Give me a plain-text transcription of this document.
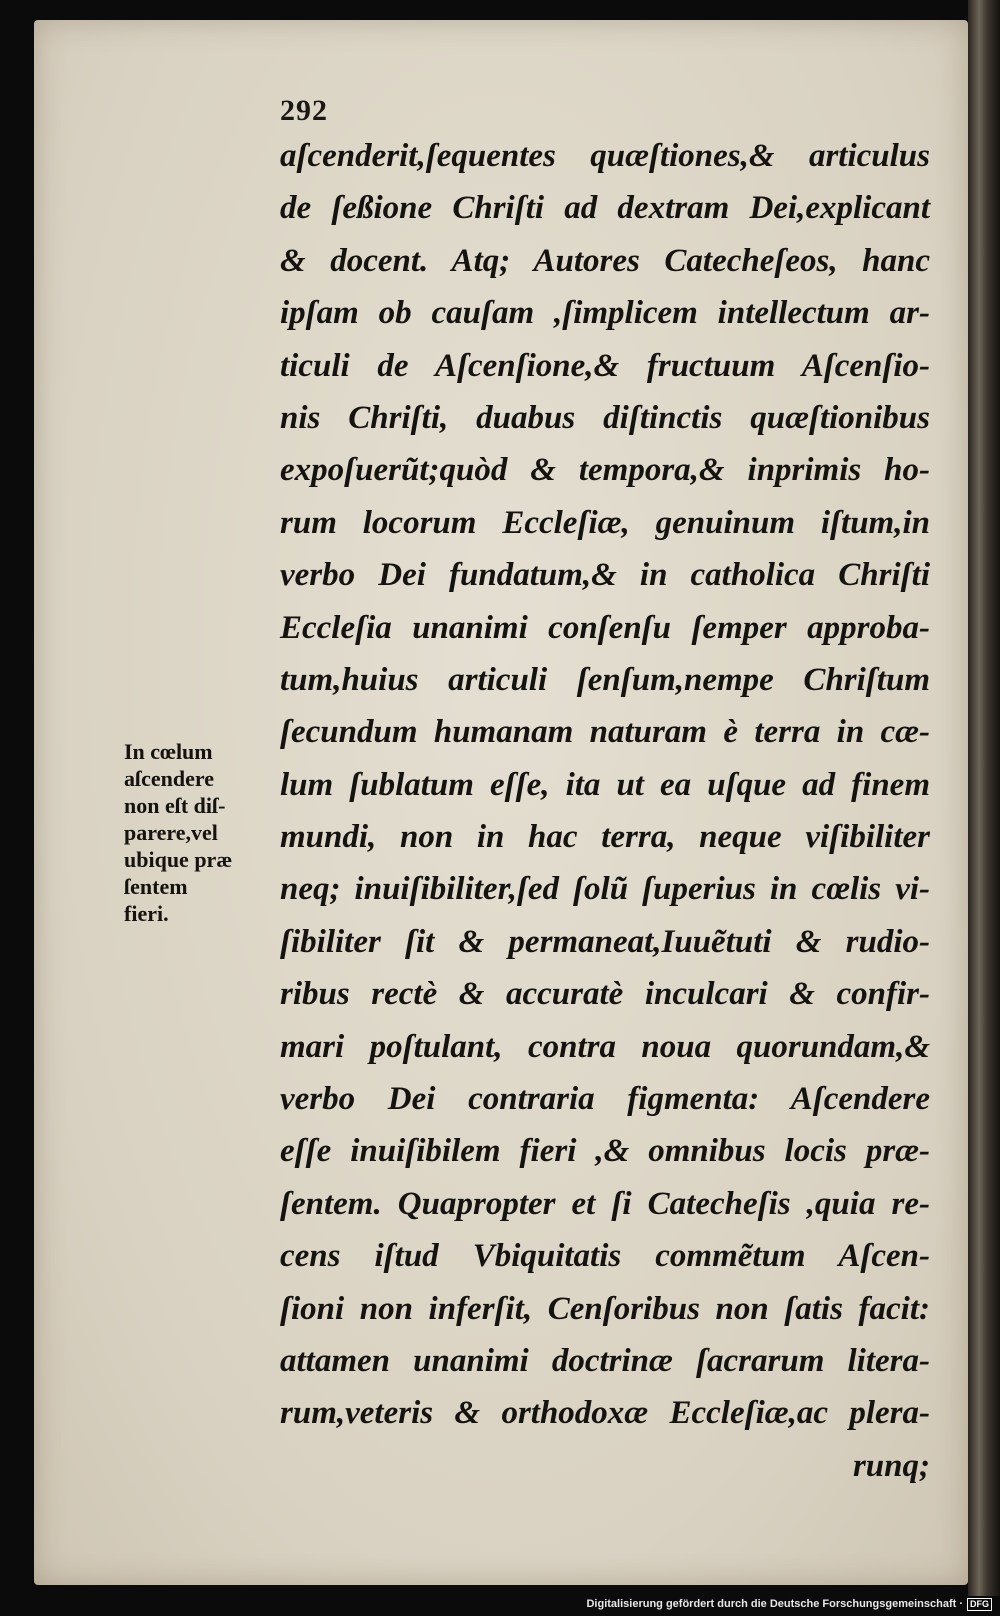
292

aſcenderit,ſequentes quæſtiones,& articulus
de ſeßione Chriſti ad dextram Dei,explicant
& docent. Atq; Autores Catecheſeos, hanc
ipſam ob cauſam ,ſimplicem intellectum ar-
ticuli de Aſcenſione,& fructuum Aſcenſio-
nis Chriſti, duabus diſtinctis quæſtionibus
expoſuerũt;quòd & tempora,& inprimis ho-
rum locorum Eccleſiæ, genuinum iſtum,in
verbo Dei fundatum,& in catholica Chriſti
Eccleſia unanimi conſenſu ſemper approba-
tum,huius articuli ſenſum,nempe Chriſtum
ſecundum humanam naturam è terra in cæ-
lum ſublatum eſſe, ita ut ea uſque ad finem
mundi, non in hac terra, neque viſibiliter
neq; inuiſibiliter,ſed ſolũ ſuperius in cœlis vi-
ſibiliter ſit & permaneat,Iuuẽtuti & rudio-
ribus rectè & accuratè inculcari & confir-
mari poſtulant, contra noua quorundam,&
verbo Dei contraria figmenta: Aſcendere
eſſe inuiſibilem fieri ,& omnibus locis præ-
ſentem. Quapropter et ſi Catecheſis ,quia re-
cens iſtud Vbiquitatis commẽtum Aſcen-
ſioni non inferſit, Cenſoribus non ſatis facit:
attamen unanimi doctrinæ ſacrarum litera-
rum,veteris & orthodoxæ Eccleſiæ,ac plera-
runq;
In cœlum
aſcendere
non eſt diſ-
parere,vel
ubique præ
ſentem
fieri.
Digitalisierung gefördert durch die Deutsche Forschungsgemeinschaft · DFG
